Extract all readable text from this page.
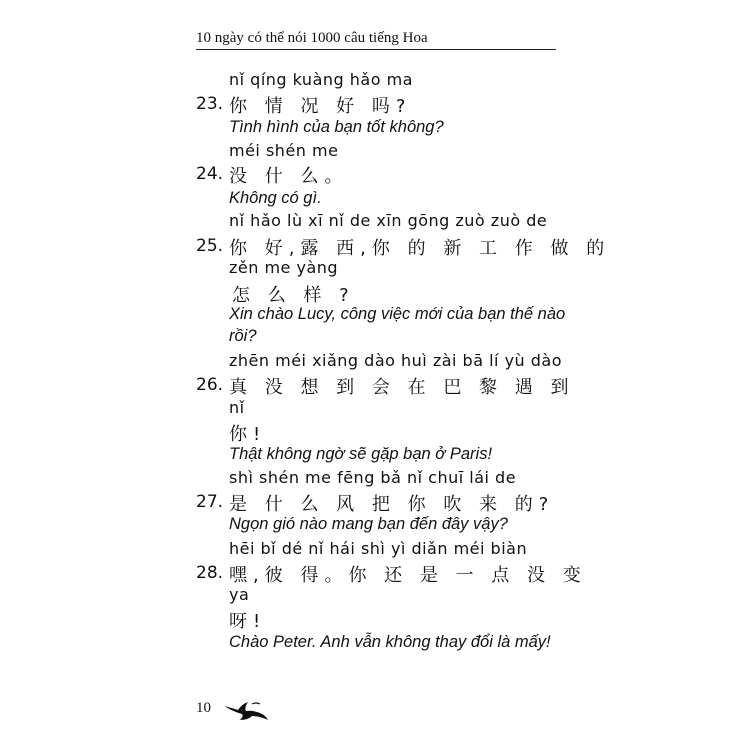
10 ngày có thể nói 1000 câu tiếng Hoa
nǐ qíng kuàng hǎo ma
23. 你 情 况 好 吗?
Tình hình của bạn tốt không?
méi shén me
24. 没 什 么。
Không có gì.
nǐ hǎo lù xī nǐ de xīn gōng zuò zuò de
25. 你 好,露 西,你 的 新 工 作 做 的
zěn me yàng
怎 么 样 ?
Xin chào Lucy, công việc mới của bạn thế nào
rồi?
zhēn méi xiǎng dào huì zài bā lí yù dào
26. 真 没 想 到 会 在 巴 黎 遇 到
nǐ
你!
Thật không ngờ sẽ gặp bạn ở Paris!
shì shén me fēng bǎ nǐ chuī lái de
27. 是 什 么 风 把 你 吹 来 的?
Ngọn gió nào mang bạn đến đây vậy?
hēi bǐ dé nǐ hái shì yì diǎn méi biàn
28. 嘿,彼 得。你 还 是 一 点 没 变
ya
呀!
Chào Peter. Anh vẫn không thay đổi là mấy!
10
